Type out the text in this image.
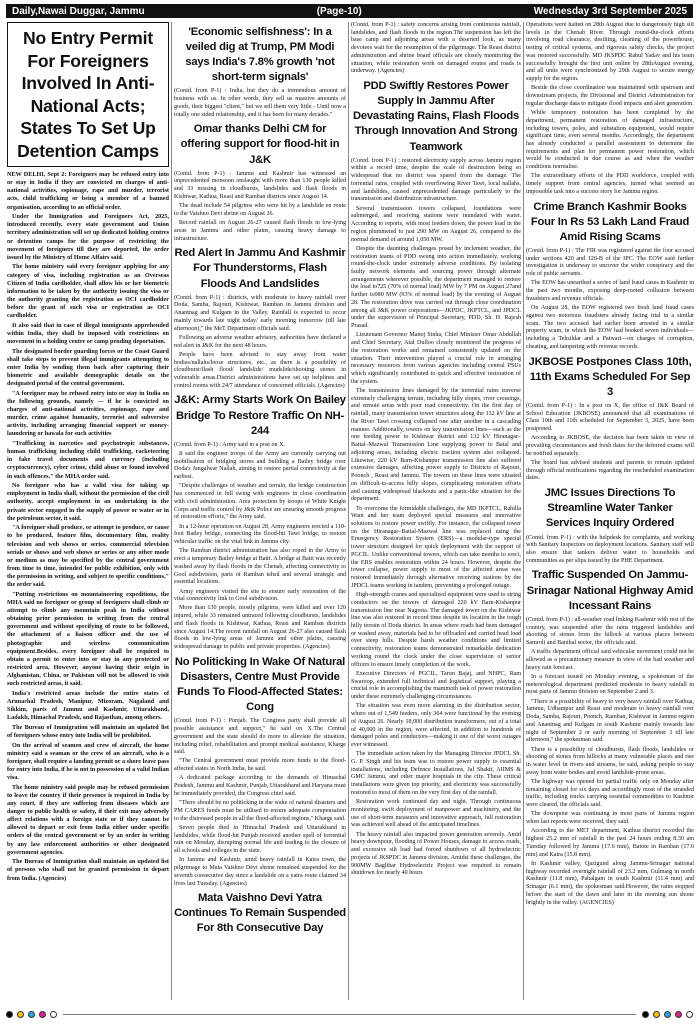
Daily,Nawai Duggar, Jammu	(Page-10)	Wednesday 3rd September 2025
No Entry Permit For Foreigners Involved In Anti-National Acts; States To Set Up Detention Camps

NEW DELHI, Sept 2: Foreigners may be refused entry into or stay in India if they are convicted on charges of anti-national activities, espionage, rape and murder, terrorist acts, child trafficking or being a member of a banned organisation, according to an official order.

Under the Immigration and Foreigners Act, 2025, introduced recently, every state government and Union territory administration will set up dedicated holding centres or detention camps for the purpose of restricting the movement of foreigners till they are deported, the order issued by the Ministry of Home Affairs said.

The home ministry said every foreigner applying for any category of visa, including registration as an Overseas Citizen of India cardholder, shall allow his or her biometric information to be taken by the authority issuing the visa or the authority granting the registration as OCI cardholder before the grant of such visa or registration as OCI cardholder.

It also said that in case of illegal immigrants apprehended within India, they shall be imposed with restrictions on movement in a holding centre or camp pending deportation.

The designated border guarding forces or the Coast Guard shall take steps to prevent illegal immigrants attempting to enter India by sending them back after capturing their biometric and available demographic details on the designated portal of the central government.

"A foreigner may be refused entry into or stay in India on the following grounds, namely — if he is convicted on charges of anti-national activities, espionage, rape and murder, crime against humanity, terrorist and subversive activity, including arranging financial support or money-laundering or hawala for such activities

"Trafficking in narcotics and psychotropic substances, human trafficking including child trafficking, racketeering in fake travel documents and currency (including cryptocurrency), cyber crime, child abuse or found involved in such offences," the MHA order said.

No foreigner who has a valid visa for taking up employment in India shall, without the permission of the civil authority, accept employment in an undertaking in the private sector engaged in the supply of power or water or in the petroleum sector, it said.

"A foreigner shall produce, or attempt to produce, or cause to be produced, feature film, documentary film, reality television and web shows or series, commercial television serials or shows and web shows or series or any other mode or medium as may be specified by the central government from time to time, intended for public exhibition, only with the permission in writing, and subject to specific conditions," the order said.

"Putting restrictions on mountaineering expeditions, the MHA said no foreigner or group of foreigners shall climb or attempt to climb any mountain peak in India without obtaining prior permission in writing from the central government and without specifying of route to be followed, the attachment of a liaison officer and the use of photographic and wireless communication equipment.Besides, every foreigner shall be required to obtain a permit to enter into or stay in any protected or restricted area, However, anyone having their origin in Afghanistan, China, or Pakistan will not be allowed to visit such restricted areas, it said.

India's restricted areas include the entire states of Arunachal Pradesh, Manipur, Mizoram, Nagaland and Sikkim, parts of Jammu and Kashmir, Uttarakhand, Ladakh, Himachal Pradesh, and Rajasthan, among others.

The Bureau of Immigration will maintain an updated list of foreigners whose entry into India will be prohibited.

On the arrival of seamen and crew of aircraft, the home ministry said a seaman or the crew of an aircraft, who is a foreigner, shall require a landing permit or a shore leave pass for entry into India, if he is not in possession of a valid Indian visa.

The home ministry said people may be refused permission to leave the country if their presence is required in India by any court, if they are suffering from diseases which are danger to public health or safety, if their exit may adversely affect relations with a foreign state or if they cannot be allowed to depart or exit from India either under specific orders of the central government or by an order in writing by any law enforcement authorities or other designated government agencies.

The Bureau of Immigration shall maintain an updated list of persons who shall not be granted permission to depart from India. (Agencies)

'Economic selfishness': In a veiled dig at Trump, PM Modi says India's 7.8% growth 'not short-term signals'

(Contd. from P-1) : India, but they do a tremendous amount of business with us. In other words, they sell us massive amounts of goods, their biggest "client," but we sell them very little - Until now a totally one sided relationship, and it has been for many decades."

Omar thanks Delhi CM for offering support for flood-hit in J&K

(Contd. from P-1) : Jammu and Kashmir has witnessed an unprecedented monsoon onslaught with more than 130 people killed and 33 missing in cloudbursts, landslides and flash floods in Kishtwar, Kathua, Reasi and Ramban districts since August 14.

The dead include 54 pilgrims who were hit by a landslide en route to the Vaishno Devi shrine on August 26.

Record rainfall on August 26-27 caused flash floods in low-lying areas in Jammu and other plains, causing heavy damage to infrastructure.

Red Alert In Jammu And Kashmir For Thunderstorms, Flash Floods And Landslides

(Contd. from P-1) : districts, with moderate to heavy rainfall over Doda, Samba, Rajouri, Kishtwar, Ramban in Jammu division and Anantnag and Kulgam in the Valley. Rainfall is expected to occur mainly towards late night today/ early morning tomorrow (till late afternoon)," the MeT Department officials said.

Following an adverse weather advisory, authorities have declared a red alert in J&K for the next 48 hours.

People have been advised to stay away from water bodies/nallahs/loose structures, etc., as there is a possibility of cloudburst/flash flood/ landslide/ mudslide/shooting stones in vulnerable areas.District administrations have set up helplines and control rooms with 24/7 attendance of concerned officials. (Agencies)

J&K: Army Starts Work On Bailey Bridge To Restore Traffic On NH-244

(Contd. from P-1) : Army said in a post on X.

It said the engineer troops of the Army are currently carrying out mobilisation of bridging stores and building a Bailey bridge over Doda's Jangalwar Nallah, aiming to restore partial connectivity at the earliest.

"Despite challenges of weather and terrain, the bridge construction has commenced in full swing with engineers in close coordination with civil administration. Area protection by troops of White Knight Corps and traffic control by J&K Police are ensuring smooth progress of restoration efforts," the Army said.

In a 12-hour operation on August 28, Army engineers erected a 110-foot Bailey bridge, connecting the flood-hit Tawi bridge, to restore vehicular traffic on the vital link in Jammu city.

The Ramban district administration has also roped in the Army to erect a temporary Bailey bridge at Batti. A bridge at Batti was recently washed away by flash floods in the Chenab, affecting connectivity to Gool subdivision, parts of Ramban tehsil and several strategic and essential locations.

Army engineers visited the site to ensure early restoration of the vital connectivity link to Gool subdivision.

More than 130 people, mostly pilgrims, were killed and over 120 injured, while 33 remained untraced following cloudbursts, landslides and flash floods in Kishtwar, Kathua, Reasi and Ramban districts since August 14.The recent rainfall on August 26-27 also caused flash floods in low-lying areas of Jammu and other plains, causing widespread damage to public and private properties. (Agencies)

No Politicking In Wake Of Natural Disasters, Centre Must Provide Funds To Flood-Affected States: Cong

(Contd. from P-1) : Punjab. The Congress party shall provide all possible assistance and support," he said on X.The Central government and the state should do more to alleviate the situation, including relief, rehabilitation and prompt medical assistance, Kharge said.

"The Central government must provide more funds to the flood-affected states in North India, he said.

A dedicated package according to the demands of Himachal Pradesh, Jammu and Kashmir, Punjab, Uttarakhand and Haryana must be immediately provided, the Congress chief said.

"There should be no politicking in the wake of natural disasters and PM CARES funds must be utilised to ensure adequate compensation to the distressed people in all the flood-affected regions," Kharge said.

Seven people died in Himachal Pradesh and Uttarakhand in landslides, while flood-hit Punjab received another spell of torrential rain on Monday, disrupting normal life and leading to the closure of all schools and colleges in the state.

In Jammu and Kashmir, amid heavy rainfall in Katra town, the pilgrimage to Mata Vaishno Devi shrine remained suspended for the seventh consecutive day since a landslide on a yatra route claimed 34 lives last Tuesday. (Agencies)

Mata Vaishno Devi Yatra Continues To Remain Suspended For 8th Consecutive Day

(Contd. from P-1) : safety concerns arising from continuous rainfall, landslides, and flash floods in the region.The suspension has left the base camp and adjoining areas with a deserted look, as many devotees wait for the resumption of the pilgrimage. The Reasi district administration and shrine board officials are closely monitoring the situation, while restoration work on damaged routes and roads is underway. (Agencies)

PDD Swiftly Restores Power Supply In Jammu After Devastating Rains, Flash Floods Through Innovation And Strong Teamwork

(Contd. from P-1) : restored electricity supply across Jammu region within a record time, despite the scale of destruction being so widespread that no district was spared from the damage. The torrential rains, coupled with overflowing River Tawi, local nallahs, and landslides, caused unprecedented damage particularly to the transmission and distribution infrastructure.

Several transmission towers collapsed, foundations were submerged, and receiving stations were inundated with water. According to reports, with most feeders down, the power load in the region plummeted to just 290 MW on August 26, compared to the normal demand of around 1,050 MW.

Despite the daunting challenges posed by inclement weather, the restoration teams of PDD swung into action immediately, working round-the-clock under extremely adverse conditions. By isolating faulty network elements and sourcing power through alternate arrangements wherever possible, the department managed to restore the load to725 (70% of normal load) MW by 7 PM on August 27and further to980 MW (93% of normal load) by the evening of August 28. The restoration drive was carried out through close coordination among all J&K power corporations—JKPDC, JKPTCL, and JPDCL under the supervision of Principal Secretary, PDD, Sh. H. Rajesh Prasad.

Lieutenant Governor Manoj Sinha, Chief Minister Omar Abdullah and Chief Secretary, Atal Dulloo closely monitored the progress of the restoration works and remained consistently updated on the situation. Their intervention played a crucial role in arranging necessary resources from various agencies including central PSUs which significantly contributed to quick and effective restoration of the system.

The transmission lines damaged by the torrential rains traverse extremely challenging terrain, including hilly slopes, river crossings, and remote areas with poor road connectivity. On the first day of rainfall, many transmission tower structures along the 132 kV line at the River Tawi crossing collapsed one after another in a cascading manner. Additionally, towers on key transmission lines—such as the one feeding power to Kishtwar district and 132 kV Hiranagar–Battal–Mazwal Transmission Line supplying power to Batal and adjoining areas, including electric traction system also collapsed. Likewise, 220 kV Barn-Kishanpur transmission line also suffered extensive damages, affecting power supply to Districts of Rajouri, Poonch , Reasi and Jammu. The towers on these lines were situated on difficult-to-access hilly slopes, complicating restoration efforts and causing widespread blackouts and a panic-like situation for the department.

To overcome the formidable challenges, the MD JKPTCL, Rahilla Wani and her team deployed special measures and innovative solutions to restore power swiftly. For instance, the collapsed tower on the Hiranagar–Battal-Mazwal line was replaced using the Emergency Restoration System (ERS)—a modular-type special tower structure designed for quick deployment with the support of PGCIL. Unlike conventional towers, which can take months to erect, the ERS enables restoration within 24 hours. However, despite the tower collapse, power supply to most of the affected areas was restored immediately through alternative receiving stations by the JPDCL teams working in tandem, preventing a prolonged outage.

High-strength cranes and specialized equipment were used to string conductors on the towers of damaged 220 kV Barn-Kishanpur transmission line near Nagrota. The damaged tower on the Kishtwar line was also restored in record time despite its location in the tough hilly terrain of Doda district. In areas where roads had been damaged or washed away, materials had to be offloaded and carried head load over steep hills. Despite harsh weather conditions and limited connectivity, restoration teams demonstrated remarkable dedication working round the clock under the close supervision of senior officers to ensure timely completion of the work.

Executive Directors of PGCIL, Tarun Bajaj, and NHPC, Ram Swaroop, extended full technical and logistical support, playing a crucial role in accomplishing the mammoth task of power restoration under these extremely challenging circumstances.

The situation was even more alarming in the distribution sector, where out of 1,549 feeders, only 364 were functional by the evening of August 26. Nearly 18,000 distribution transformers, out of a total of 40,000 in the region, were affected, in addition to hundreds of damaged poles and conductors—making it one of the worst outages ever witnessed.

The immediate action taken by the Managing Director JPDCL Sh. G. P. Singh and his team was to restore power supply to essential installations, including Defence Installations, Jal Shakti, AIIMS & GMC Jammu, and other major hospitals in the city. These critical installations were given top priority, and electricity was successfully restored to most of them on the very first day of the rainfall.

Restoration work continued day and night. Through continuous monitoring, swift deployment of manpower and machinery, and the use of short-term measures and innovative approach, full restoration was achieved well ahead of the anticipated timelines.

The heavy rainfall also impacted power generation severely. Amid heavy downpour, flooding of Power Houses, damage to access roads, and excessive silt load had forced shutdown of all hydroelectric projects of JKSPDC in Jammu division. Amidst these challenges, the 900MW Baglihar Hydroelectric Project was required to remain shutdown for nearly 40 hours

Operations were halted on 28th August due to dangerously high silt levels in the Chenab River. Through round-the-clock efforts involving road clearance, desilting, cleaning of the powerhouse, testing of critical systems, and rigorous safety checks, the project was restored successfully. MD JKSPDC Rahul Yadav and his team successfully brought the first unit online by 28thAugust evening, and all units were synchronized by 29th August to secure energy supply for the region.

Beside the close coordination was maintained with upstream and downstream projects, the Divisional and District Administration for regular discharge data to mitigate flood impacts and alert generation.

While temporary restoration has been completed by the department, permanent restoration of damaged infrastructure, including towers, poles, and substation equipment, would require significant time, even several months. Accordingly, the department has already conducted a parallel assessment to determine the requirements and plan for permanent power restoration, which would be conducted in due course as and when the weather conditions normalise.

The extraordinary efforts of the PDD workforce, coupled with timely support from central agencies, turned what seemed an impossible task into a success story for Jammu region.

Crime Branch Kashmir Books Four In Rs 53 Lakh Land Fraud Amid Rising Scams

(Contd. from P-1) : The FIR was registered against the four accused under sections 420 and 120-B of the IPC. The EOW said further investigation is underway to uncover the wider conspiracy and the role of public servants.

The EOW has unearthed a series of land fraud cases in Kashmir in the past two months, exposing deep-rooted collusion between fraudsters and revenue officials.

On August 28, the EOW registered two fresh land fraud cases against two notorious fraudsters already facing trial in a similar scam. The two accused had earlier been arrested in a similar property scam, in which the EOW had booked seven individuals—including a Tehsildar and a Patwari—on charges of corruption, cheating, and tampering with revenue records.

JKBOSE Postpones Class 10th, 11th Exams Scheduled For Sep 3

(Contd. from P-1) : In a post on X, the office of J&K Board of School Education (JKBOSE) announced that all examinations of Class 10th and 11th scheduled for September 3, 2025, have been postponed.

According to JKBOSE, the decision has been taken in view of prevailing circumstances and fresh dates for the deferred exams will be notified separately.

The board has advised students and parents to remain updated through official notifications regarding the rescheduled examination dates.

JMC Issues Directions To Streamline Water Tanker Services Inquiry Ordered

(Contd. from P-1) : with the helpdesk for complaints, and working with Sanitary Inspectors on deployment locations. Sanitary staff will also ensure that tankers deliver water to households and communities as per slips issued by the PHE Department.

Traffic Suspended On Jammu-Srinagar National Highway Amid Incessant Rains

(Contd. from P-1) : all-weather road linking Kashmir with rest of the country, was suspended after the rains triggered landslides and shooting of stones from the hillock at various places between Samroli and Banihal sector, the officials said.

A traffic department official said vehicular movement could not be allowed as a precautionary measure in view of the bad weather and heavy rain forecast.

In a forecast issued on Monday evening, a spokesman of the meteorological department predicted moderate to heavy rainfall in most parts of Jammu division on September 2 and 3.

"There is a possibility of heavy to very heavy rainfall over Kathua, Jammu, Udhampur and Reasi and moderate to heavy rainfall over Doda, Samba, Rajouri, Poonch, Ramban, Kishtwar in Jammu region and Anantnag and Kulgam in south Kashmir mainly towards late night of September 2 or early morning of September 3 till late afternoon," the spokesman said.

There is a possibility of cloudbursts, flash floods, landslides or shooting of stones from hillocks at many vulnerable places and rise in water level in rivers and streams, he said, asking people to stay away from water bodies and avoid landslide-prone areas.

The highway was opened for partial traffic only on Monday after remaining closed for six days and accordingly most of the stranded traffic, including trucks carrying essential commodities to Kashmir were cleared, the officials said.

The downpour was continuing in most parts of Jammu region when last reports were received, they said.

According to the MET department, Kathua district recorded the highest 25.2 mm of rainfall in the past 24 hours ending 8.30 am Tuesday followed by Jammu (17.6 mm), Batote in Ramban (17.6 mm) and Katra (15.8 mm).

In Kashmir valley, Qazigund along Jammu-Srinagar national highway recorded overnight rainfall of 23.2 mm, Gulmarg in north Kashmir (11.8 mm), Pahalgam in south Kashmir (11.4 mm) and Srinagar (6.1 mm), the spokesman said.However, the rains stopped before the start of the dawn and later in the morning sun shone brightly in the valley. (AGENCIES)
